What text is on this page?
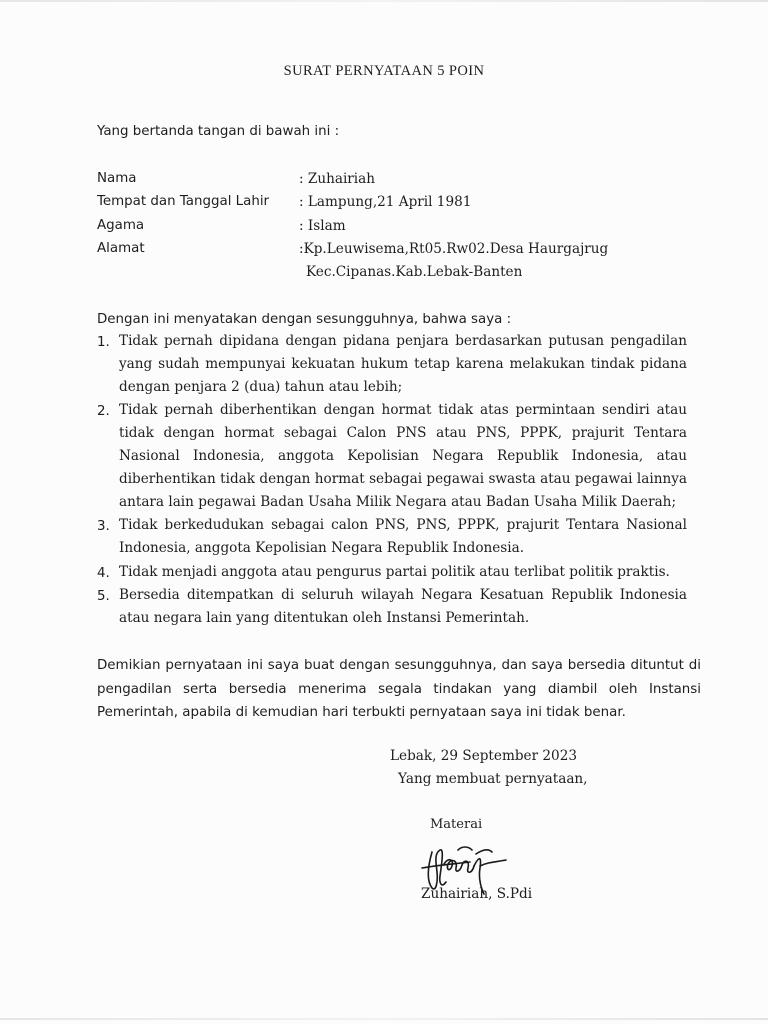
SURAT PERNYATAAN 5 POIN
Yang bertanda tangan di bawah ini :
Nama	: Zuhairiah
Tempat dan Tanggal Lahir : Lampung,21 April 1981
Agama	: Islam
Alamat	:Kp.Leuwisema,Rt05.Rw02.Desa Haurgajrug
Kec.Cipanas.Kab.Lebak-Banten
Dengan ini menyatakan dengan sesungguhnya, bahwa saya :
1. Tidak pernah dipidana dengan pidana penjara berdasarkan putusan pengadilan yang sudah mempunyai kekuatan hukum tetap karena melakukan tindak pidana dengan penjara 2 (dua) tahun atau lebih;
2. Tidak pernah diberhentikan dengan hormat tidak atas permintaan sendiri atau tidak dengan hormat sebagai Calon PNS atau PNS, PPPK, prajurit Tentara Nasional Indonesia, anggota Kepolisian Negara Republik Indonesia, atau diberhentikan tidak dengan hormat sebagai pegawai swasta atau pegawai lainnya antara lain pegawai Badan Usaha Milik Negara atau Badan Usaha Milik Daerah;
3. Tidak berkedudukan sebagai calon PNS, PNS, PPPK, prajurit Tentara Nasional Indonesia, anggota Kepolisian Negara Republik Indonesia.
4. Tidak menjadi anggota atau pengurus partai politik atau terlibat politik praktis.
5. Bersedia ditempatkan di seluruh wilayah Negara Kesatuan Republik Indonesia atau negara lain yang ditentukan oleh Instansi Pemerintah.
Demikian pernyataan ini saya buat dengan sesungguhnya, dan saya bersedia dituntut di pengadilan serta bersedia menerima segala tindakan yang diambil oleh Instansi Pemerintah, apabila di kemudian hari terbukti pernyataan saya ini tidak benar.
Lebak, 29 September 2023
Yang membuat pernyataan,
Materai
Zuhairiah, S.Pdi
